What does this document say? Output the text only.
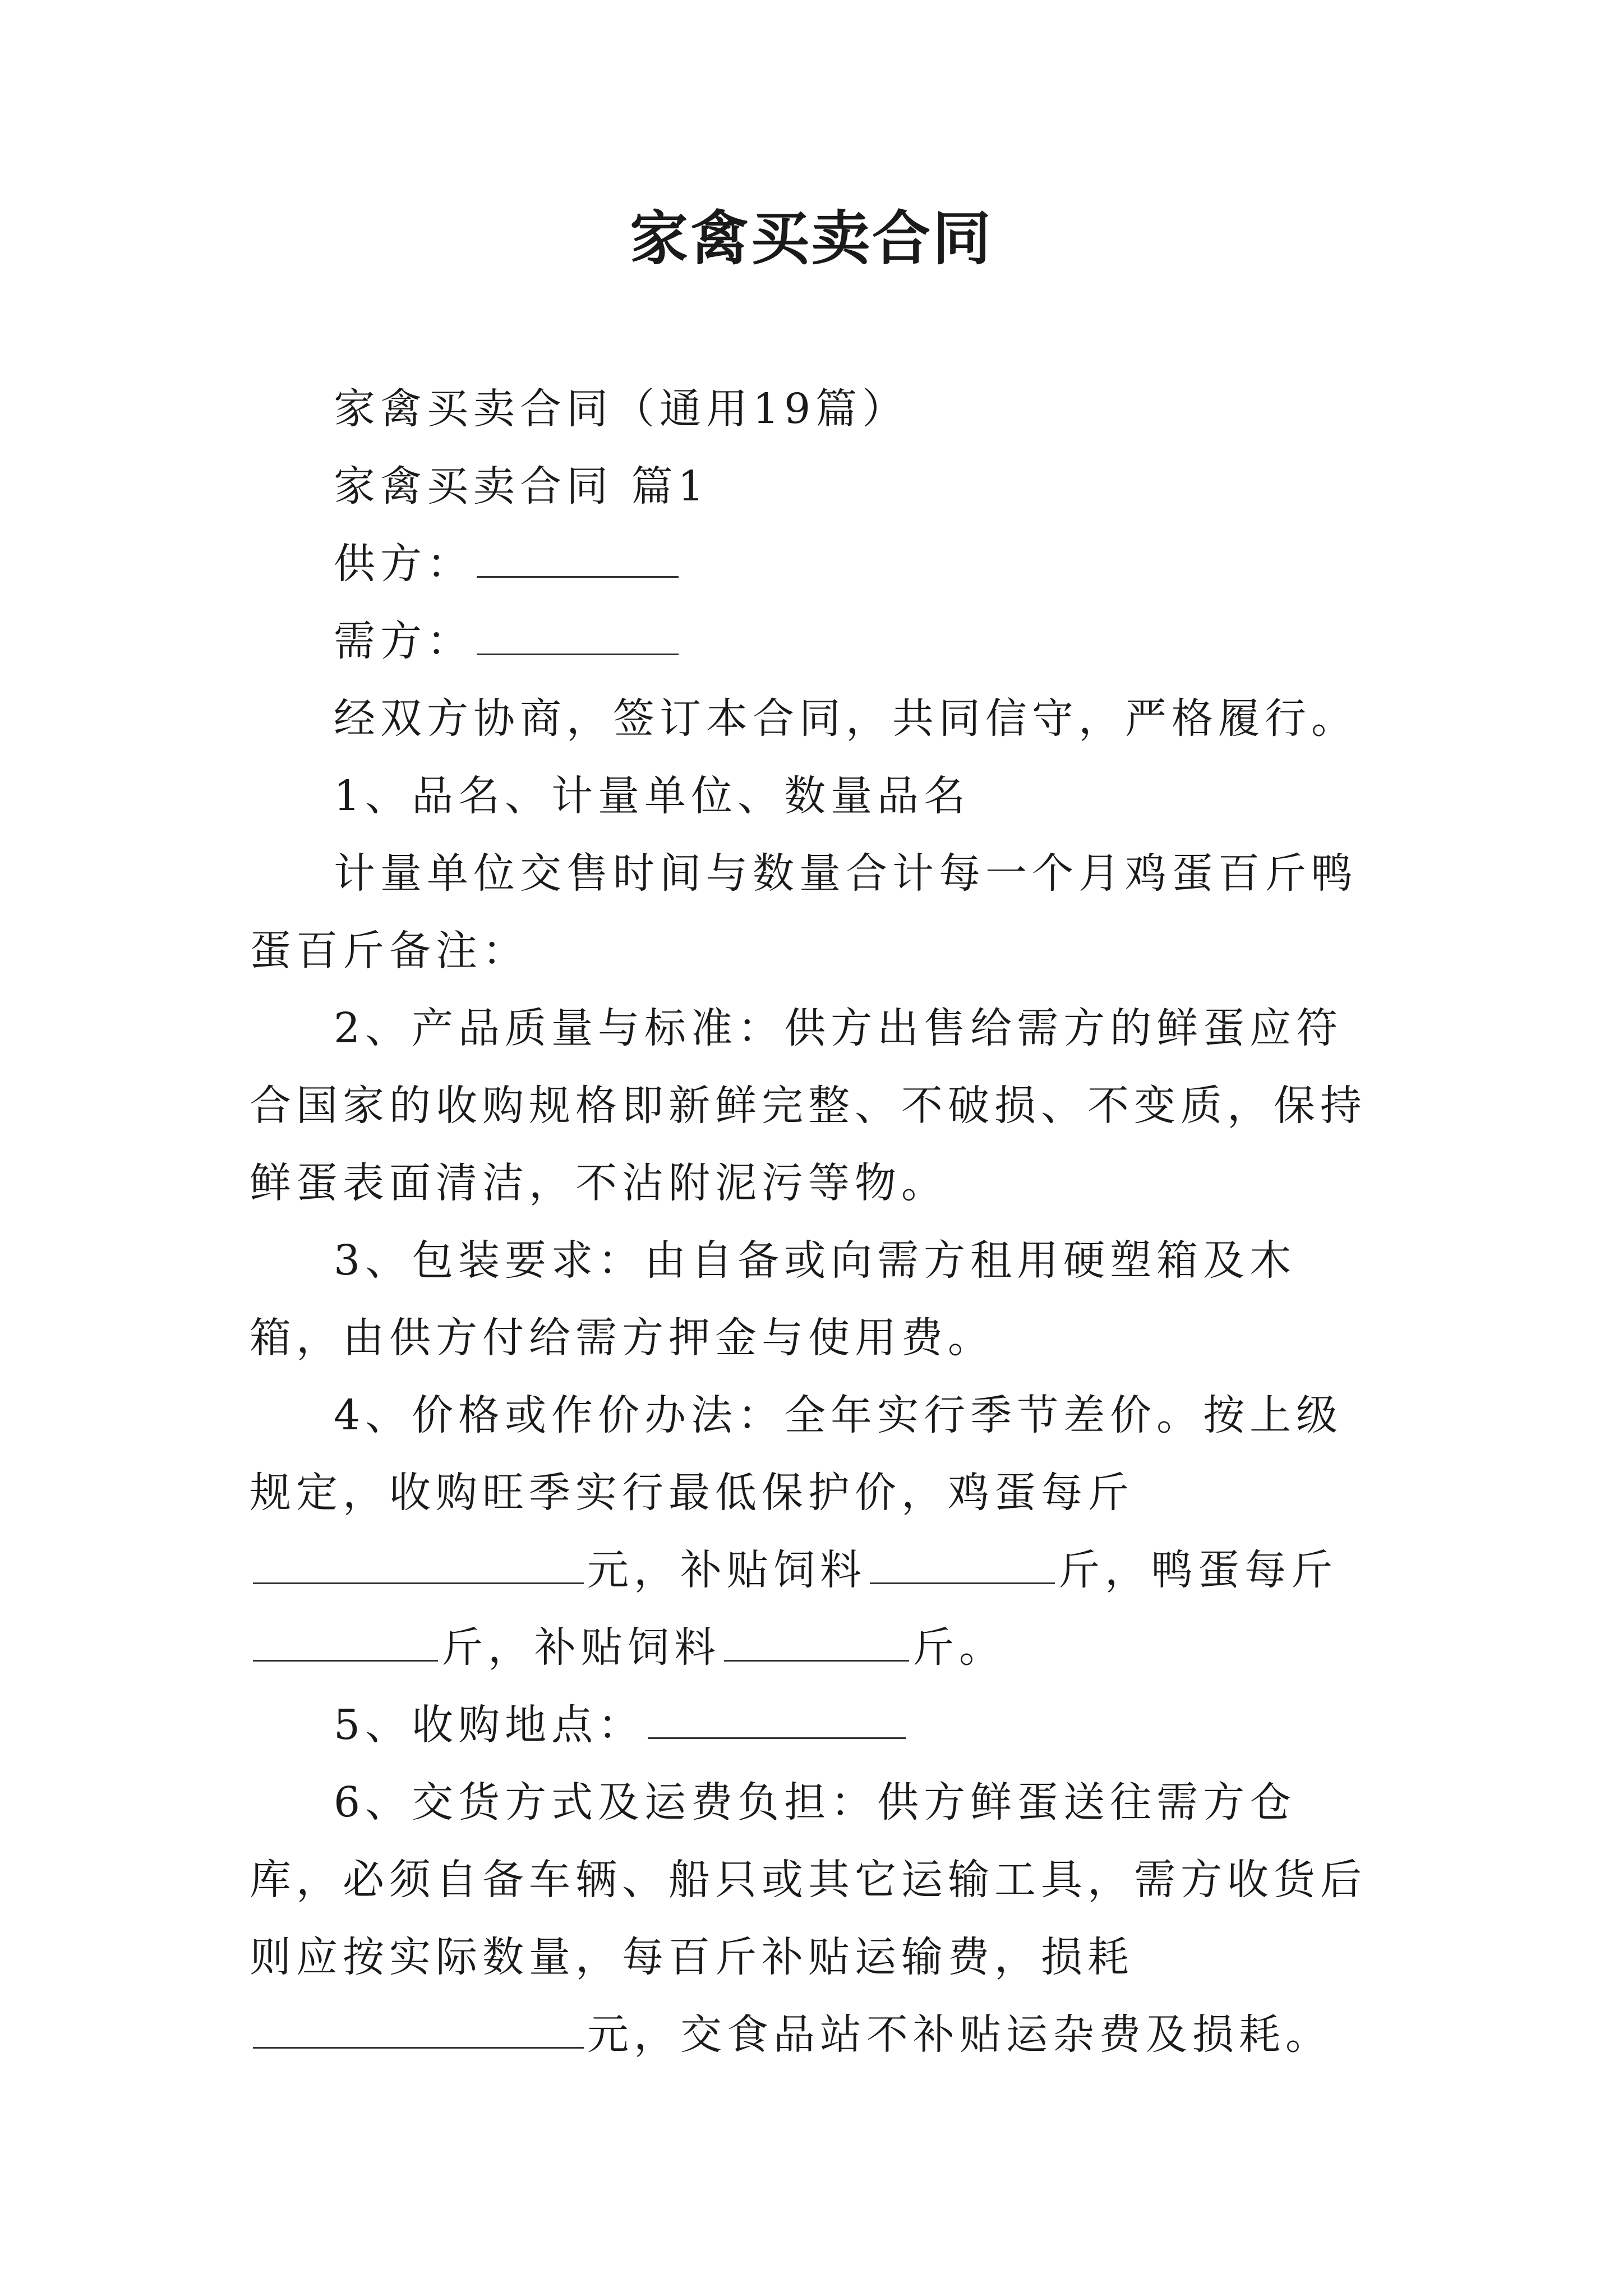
家禽买卖合同

家禽买卖合同（通用19篇）

家禽买卖合同 篇1

供方：

需方：

经双方协商，签订本合同，共同信守，严格履行。

1、品名、计量单位、数量品名

计量单位交售时间与数量合计每一个月鸡蛋百斤鸭蛋百斤备注：

2、产品质量与标准：供方出售给需方的鲜蛋应符合国家的收购规格即新鲜完整、不破损、不变质，保持鲜蛋表面清洁，不沾附泥污等物。

3、包装要求：由自备或向需方租用硬塑箱及木箱，由供方付给需方押金与使用费。

4、价格或作价办法：全年实行季节差价。按上级规定，收购旺季实行最低保护价，鸡蛋每斤元，补贴饲料	斤，鸭蛋每斤斤，补贴饲料	斤。

5、收购地点：

6、交货方式及运费负担：供方鲜蛋送往需方仓库，必须自备车辆、船只或其它运输工具，需方收货后则应按实际数量，每百斤补贴运输费，损耗元，交食品站不补贴运杂费及损耗。
